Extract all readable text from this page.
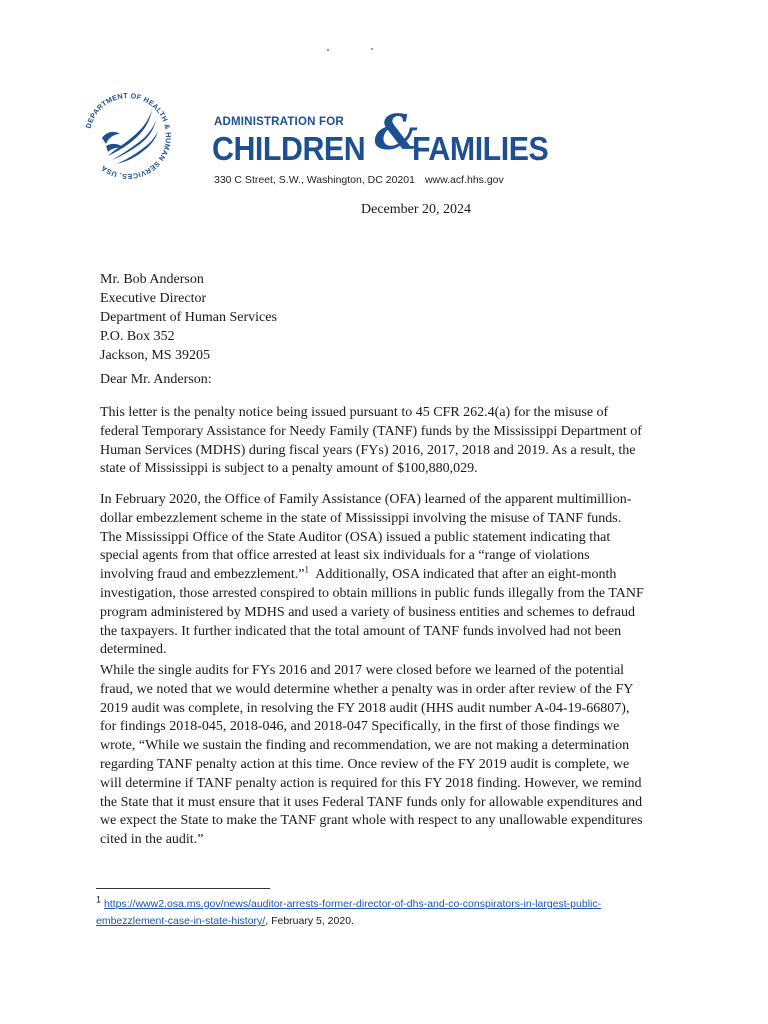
DEPARTMENT OF HEALTH & HUMAN SERVICES, USA
ADMINISTRATION FOR
CHILDREN &
FAMILIES
330 C Street, S.W., Washington, DC 20201 www.acf.hhs.gov
December 20, 2024
Mr. Bob Anderson
Executive Director
Department of Human Services
P.O. Box 352
Jackson, MS 39205
Dear Mr. Anderson:
This letter is the penalty notice being issued pursuant to 45 CFR 262.4(a) for the misuse of
federal Temporary Assistance for Needy Family (TANF) funds by the Mississippi Department of
Human Services (MDHS) during fiscal years (FYs) 2016, 2017, 2018 and 2019. As a result, the
state of Mississippi is subject to a penalty amount of $100,880,029.
In February 2020, the Office of Family Assistance (OFA) learned of the apparent multimillion-
dollar embezzlement scheme in the state of Mississippi involving the misuse of TANF funds.
The Mississippi Office of the State Auditor (OSA) issued a public statement indicating that
special agents from that office arrested at least six individuals for a “range of violations
involving fraud and embezzlement.”$^1$  Additionally, OSA indicated that after an eight-month
investigation, those arrested conspired to obtain millions in public funds illegally from the TANF
program administered by MDHS and used a variety of business entities and schemes to defraud
the taxpayers. It further indicated that the total amount of TANF funds involved had not been
determined.
While the single audits for FYs 2016 and 2017 were closed before we learned of the potential
fraud, we noted that we would determine whether a penalty was in order after review of the FY
2019 audit was complete, in resolving the FY 2018 audit (HHS audit number A-04-19-66807),
for findings 2018-045, 2018-046, and 2018-047 Specifically, in the first of those findings we
wrote, “While we sustain the finding and recommendation, we are not making a determination
regarding TANF penalty action at this time. Once review of the FY 2019 audit is complete, we
will determine if TANF penalty action is required for this FY 2018 finding. However, we remind
the State that it must ensure that it uses Federal TANF funds only for allowable expenditures and
we expect the State to make the TANF grant whole with respect to any unallowable expenditures
cited in the audit.”
$^1$ https://www2.osa.ms.gov/news/auditor-arrests-former-director-of-dhs-and-co-conspirators-in-largest-public-
embezzlement-case-in-state-history/, February 5, 2020.
